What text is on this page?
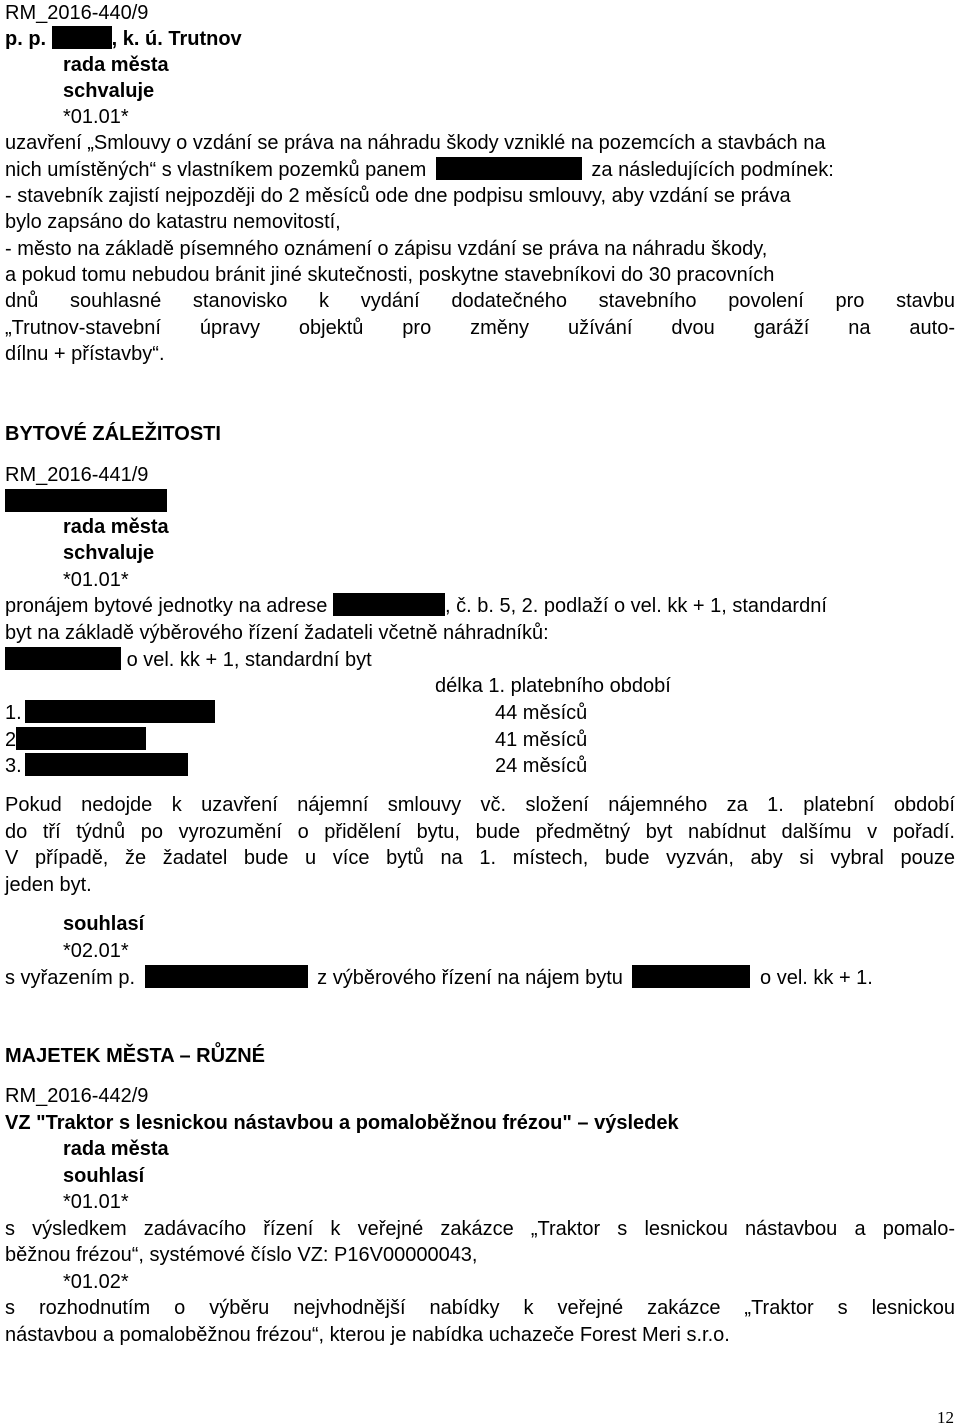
RM_2016-440/9
p. p.	, k. ú. Trutnov
rada města
schvaluje
*01.01*
uzavření „Smlouvy o vzdání se práva na náhradu škody vzniklé na pozemcích a stavbách na
nich umístěných“ s vlastníkem pozemků panem	za následujících podmínek:
- stavebník zajistí nejpozději do 2 měsíců ode dne podpisu smlouvy, aby vzdání se práva
bylo zapsáno do katastru nemovitostí,
- město na základě písemného oznámení o zápisu vzdání se práva na náhradu škody,
a pokud tomu nebudou bránit jiné skutečnosti, poskytne stavebníkovi do 30 pracovních
dnů souhlasné stanovisko k vydání dodatečného stavebního povolení pro stavbu
„Trutnov-stavební úpravy objektů pro změny užívání dvou garáží na auto-
dílnu + přístavby“.
BYTOVÉ ZÁLEŽITOSTI
RM_2016-441/9
rada města
schvaluje
*01.01*
pronájem bytové jednotky na adrese	, č. b. 5, 2. podlaží o vel. kk + 1, standardní
byt na základě výběrového řízení žadateli včetně náhradníků:
o vel. kk + 1, standardní byt
délka 1. platebního období
1.	44 měsíců
2	41 měsíců
3.	24 měsíců
Pokud nedojde k uzavření nájemní smlouvy vč. složení nájemného za 1. platební období
do tří týdnů po vyrozumění o přidělení bytu, bude předmětný byt nabídnut dalšímu v pořadí.
V případě, že žadatel bude u více bytů na 1. místech, bude vyzván, aby si vybral pouze
jeden byt.
souhlasí
*02.01*
s vyřazením p.	z výběrového řízení na nájem bytu	o vel. kk + 1.
MAJETEK MĚSTA – RŮZNÉ
RM_2016-442/9
VZ "Traktor s lesnickou nástavbou a pomaloběžnou frézou" – výsledek
rada města
souhlasí
*01.01*
s výsledkem zadávacího řízení k veřejné zakázce „Traktor s lesnickou nástavbou a pomalo-
běžnou frézou“, systémové číslo VZ: P16V00000043,
*01.02*
s rozhodnutím o výběru nejvhodnější nabídky k veřejné zakázce „Traktor s lesnickou
nástavbou a pomaloběžnou frézou“, kterou je nabídka uchazeče Forest Meri s.r.o.
12
